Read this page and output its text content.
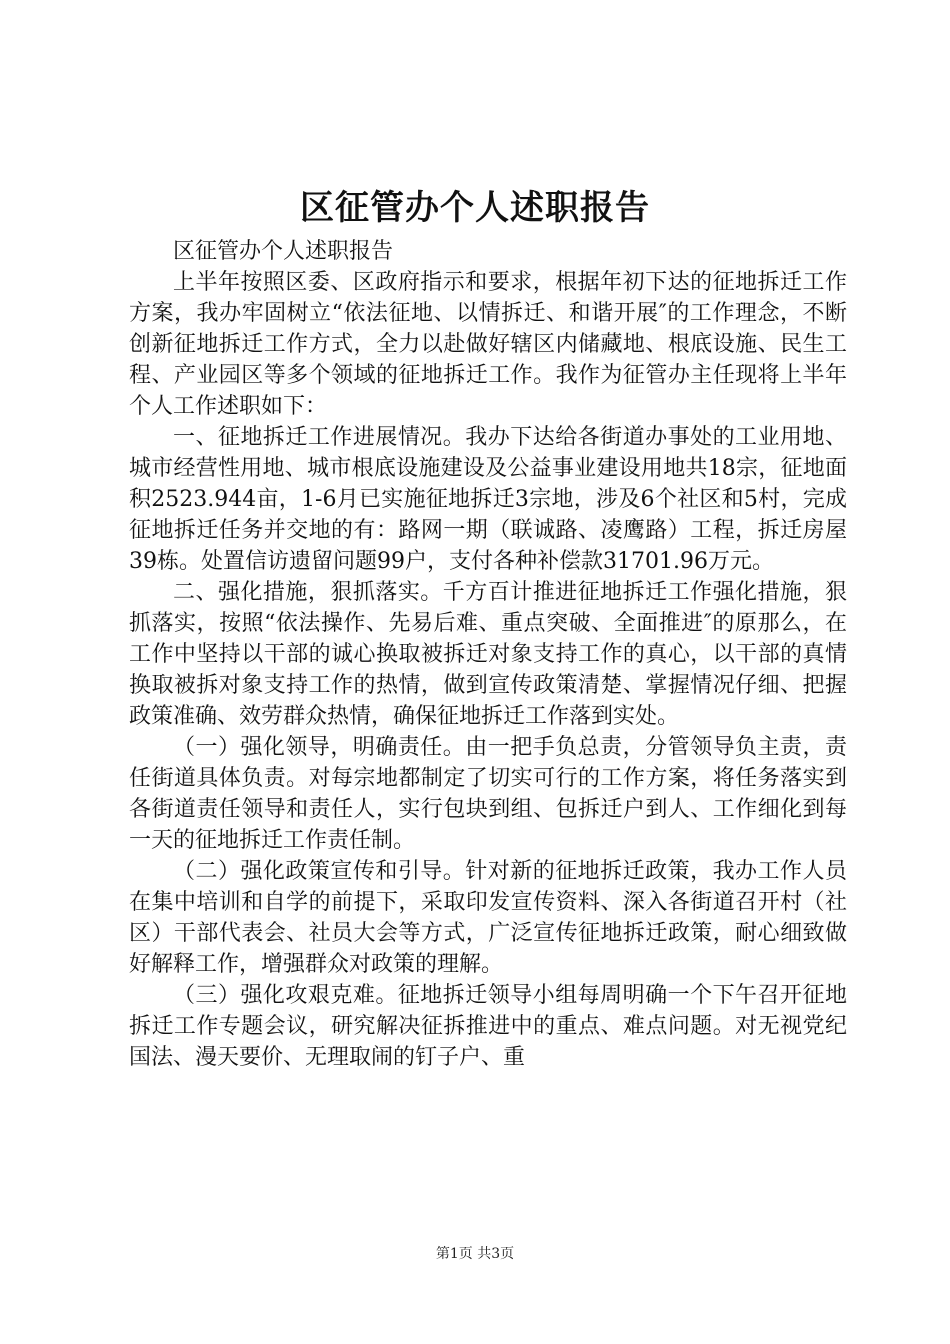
区征管办个人述职报告

区征管办个人述职报告

上半年按照区委、区政府指示和要求，根据年初下达的征地拆迁工作方案，我办牢固树立“依法征地、以情拆迁、和谐开展″的工作理念，不断创新征地拆迁工作方式，全力以赴做好辖区内储藏地、根底设施、民生工程、产业园区等多个领域的征地拆迁工作。我作为征管办主任现将上半年个人工作述职如下：

一、征地拆迁工作进展情况。我办下达给各街道办事处的工业用地、城市经营性用地、城市根底设施建设及公益事业建设用地共18宗，征地面积2523.944亩，1-6月已实施征地拆迁3宗地，涉及6个社区和5村，完成征地拆迁任务并交地的有：路网一期（联诚路、凌鹰路）工程，拆迁房屋39栋。处置信访遗留问题99户，支付各种补偿款31701.96万元。

二、强化措施，狠抓落实。千方百计推进征地拆迁工作强化措施，狠抓落实，按照“依法操作、先易后难、重点突破、全面推进″的原那么，在工作中坚持以干部的诚心换取被拆迁对象支持工作的真心，以干部的真情换取被拆对象支持工作的热情，做到宣传政策清楚、掌握情况仔细、把握政策准确、效劳群众热情，确保征地拆迁工作落到实处。

（一）强化领导，明确责任。由一把手负总责，分管领导负主责，责任街道具体负责。对每宗地都制定了切实可行的工作方案，将任务落实到各街道责任领导和责任人，实行包块到组、包拆迁户到人、工作细化到每一天的征地拆迁工作责任制。

（二）强化政策宣传和引导。针对新的征地拆迁政策，我办工作人员在集中培训和自学的前提下，采取印发宣传资料、深入各街道召开村（社区）干部代表会、社员大会等方式，广泛宣传征地拆迁政策，耐心细致做好解释工作，增强群众对政策的理解。

（三）强化攻艰克难。征地拆迁领导小组每周明确一个下午召开征地拆迁工作专题会议，研究解决征拆推进中的重点、难点问题。对无视党纪国法、漫天要价、无理取闹的钉子户、重

第1页 共3页
